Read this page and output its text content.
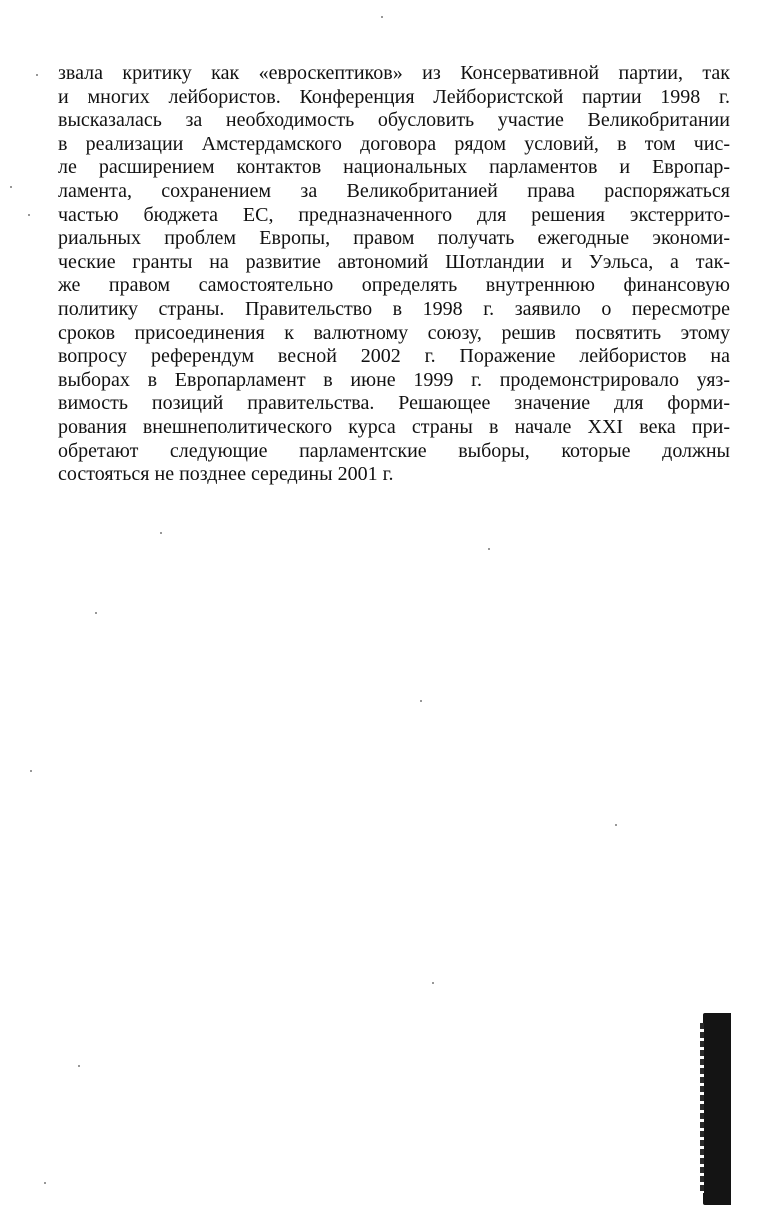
звала критику как «евроскептиков» из Консервативной партии, так
и многих лейбористов. Конференция Лейбористской партии 1998 г.
высказалась за необходимость обусловить участие Великобритании
в реализации Амстердамского договора рядом условий, в том чис-
ле расширением контактов национальных парламентов и Европар-
ламента, сохранением за Великобританией права распоряжаться
частью бюджета ЕС, предназначенного для решения экстеррито-
риальных проблем Европы, правом получать ежегодные экономи-
ческие гранты на развитие автономий Шотландии и Уэльса, а так-
же правом самостоятельно определять внутреннюю финансовую
политику страны. Правительство в 1998 г. заявило о пересмотре
сроков присоединения к валютному союзу, решив посвятить этому
вопросу референдум весной 2002 г. Поражение лейбористов на
выборах в Европарламент в июне 1999 г. продемонстрировало уяз-
вимость позиций правительства. Решающее значение для форми-
рования внешнеполитического курса страны в начале XXI века при-
обретают следующие парламентские выборы, которые должны
состояться не позднее середины 2001 г.
